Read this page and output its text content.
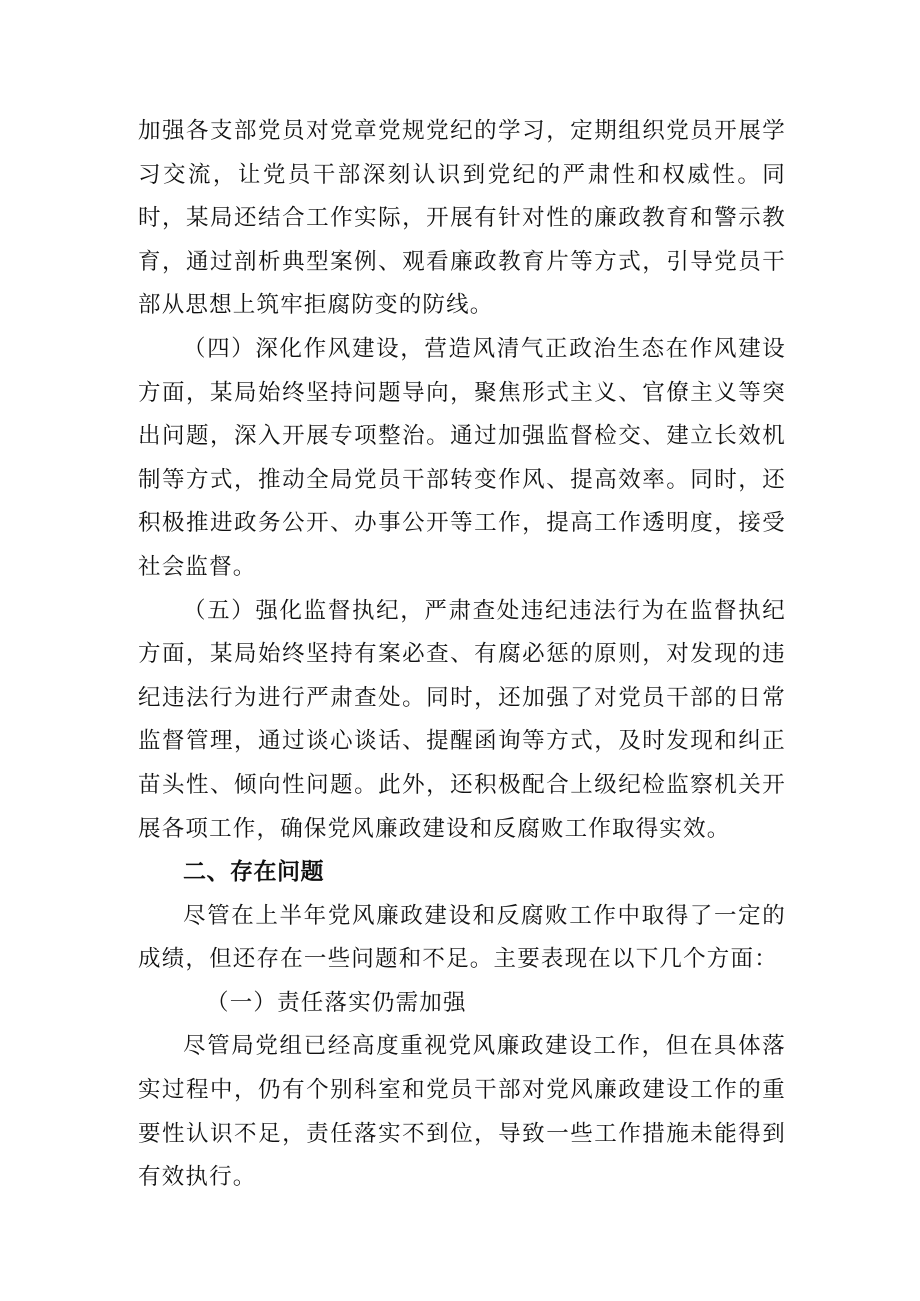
加强各支部党员对党章党规党纪的学习，定期组织党员开展学习交流，让党员干部深刻认识到党纪的严肃性和权威性。同时，某局还结合工作实际，开展有针对性的廉政教育和警示教育，通过剖析典型案例、观看廉政教育片等方式，引导党员干部从思想上筑牢拒腐防变的防线。

（四）深化作风建设，营造风清气正政治生态在作风建设方面，某局始终坚持问题导向，聚焦形式主义、官僚主义等突出问题，深入开展专项整治。通过加强监督检交、建立长效机制等方式，推动全局党员干部转变作风、提高效率。同时，还积极推进政务公开、办事公开等工作，提高工作透明度，接受社会监督。

（五）强化监督执纪，严肃查处违纪违法行为在监督执纪方面，某局始终坚持有案必查、有腐必惩的原则，对发现的违纪违法行为进行严肃查处。同时，还加强了对党员干部的日常监督管理，通过谈心谈话、提醒函询等方式，及时发现和纠正苗头性、倾向性问题。此外，还积极配合上级纪检监察机关开展各项工作，确保党风廉政建设和反腐败工作取得实效。

二、存在问题

尽管在上半年党风廉政建设和反腐败工作中取得了一定的成绩，但还存在一些问题和不足。主要表现在以下几个方面：

（一）责任落实仍需加强

尽管局党组已经高度重视党风廉政建设工作，但在具体落实过程中，仍有个别科室和党员干部对党风廉政建设工作的重要性认识不足，责任落实不到位，导致一些工作措施未能得到有效执行。
